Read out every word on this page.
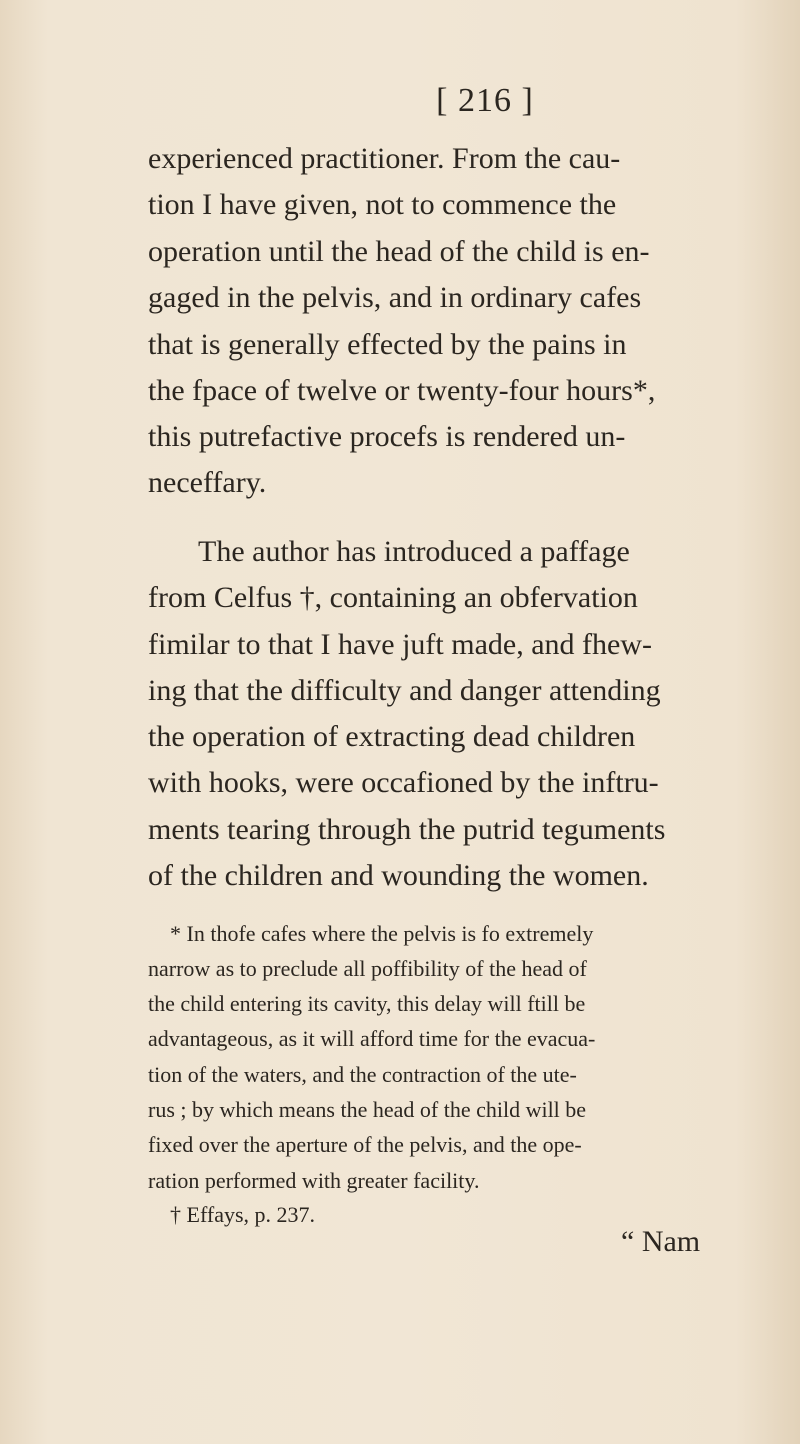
[ 216 ]
experienced practitioner. From the cau-
tion I have given, not to commence the
operation until the head of the child is en-
gaged in the pelvis, and in ordinary cafes
that is generally effected by the pains in
the fpace of twelve or twenty-four hours*,
this putrefactive procefs is rendered un-
neceffary.
The author has introduced a paffage
from Celfus †, containing an obfervation
fimilar to that I have juft made, and fhew-
ing that the difficulty and danger attending
the operation of extracting dead children
with hooks, were occafioned by the inftru-
ments tearing through the putrid teguments
of the children and wounding the women.
* In thofe cafes where the pelvis is fo extremely
narrow as to preclude all poffibility of the head of
the child entering its cavity, this delay will ftill be
advantageous, as it will afford time for the evacua-
tion of the waters, and the contraction of the ute-
rus ; by which means the head of the child will be
fixed over the aperture of the pelvis, and the ope-
ration performed with greater facility.
† Effays, p. 237.
“ Nam
